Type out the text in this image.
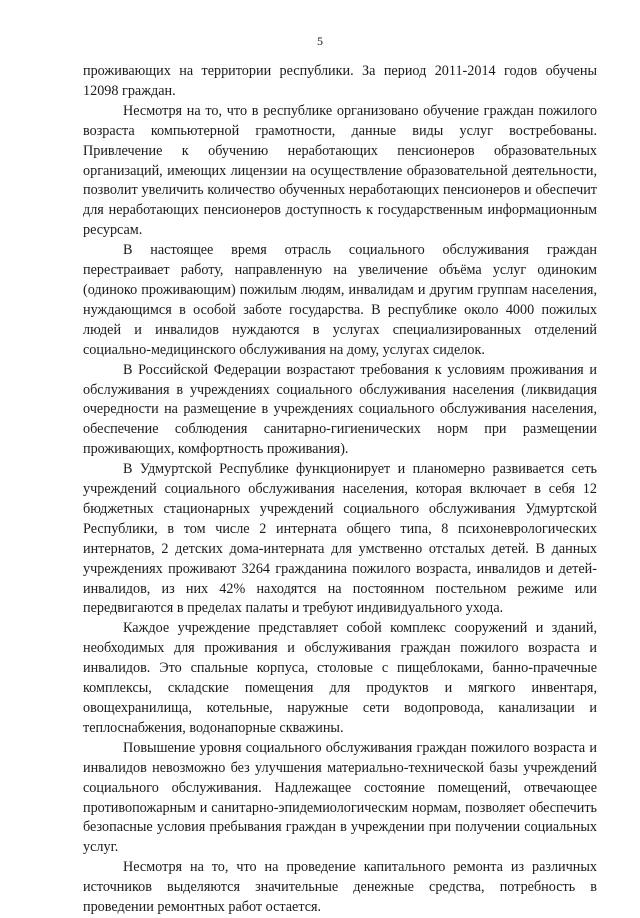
5

проживающих на территории республики. За период 2011-2014 годов обучены 12098 граждан.

Несмотря на то, что в республике организовано обучение граждан пожилого возраста компьютерной грамотности, данные виды услуг востребованы. Привлечение к обучению неработающих пенсионеров образовательных организаций, имеющих лицензии на осуществление образовательной деятельности, позволит увеличить количество обученных неработающих пенсионеров и обеспечит для неработающих пенсионеров доступность к государственным информационным ресурсам.

В настоящее время отрасль социального обслуживания граждан перестраивает работу, направленную на увеличение объёма услуг одиноким (одиноко проживающим) пожилым людям, инвалидам и другим группам населения, нуждающимся в особой заботе государства. В республике около 4000 пожилых людей и инвалидов нуждаются в услугах специализированных отделений социально-медицинского обслуживания на дому, услугах сиделок.

В Российской Федерации возрастают требования к условиям проживания и обслуживания в учреждениях социального обслуживания населения (ликвидация очередности на размещение в учреждениях социального обслуживания населения, обеспечение соблюдения санитарно-гигиенических норм при размещении проживающих, комфортность проживания).

В Удмуртской Республике функционирует и планомерно развивается сеть учреждений социального обслуживания населения, которая включает в себя 12 бюджетных стационарных учреждений социального обслуживания Удмуртской Республики, в том числе 2 интерната общего типа, 8 психоневрологических интернатов, 2 детских дома-интерната для умственно отсталых детей. В данных учреждениях проживают 3264 гражданина пожилого возраста, инвалидов и детей-инвалидов, из них 42% находятся на постоянном постельном режиме или передвигаются в пределах палаты и требуют индивидуального ухода.

Каждое учреждение представляет собой комплекс сооружений и зданий, необходимых для проживания и обслуживания граждан пожилого возраста и инвалидов. Это спальные корпуса, столовые с пищеблоками, банно-прачечные комплексы, складские помещения для продуктов и мягкого инвентаря, овощехранилища, котельные, наружные сети водопровода, канализации и теплоснабжения, водонапорные скважины.

Повышение уровня социального обслуживания граждан пожилого возраста и инвалидов невозможно без улучшения материально-технической базы учреждений социального обслуживания. Надлежащее состояние помещений, отвечающее противопожарным и санитарно-эпидемиологическим нормам, позволяет обеспечить безопасные условия пребывания граждан в учреждении при получении социальных услуг.

Несмотря на то, что на проведение капитального ремонта из различных источников выделяются значительные денежные средства, потребность в проведении ремонтных работ остается.
